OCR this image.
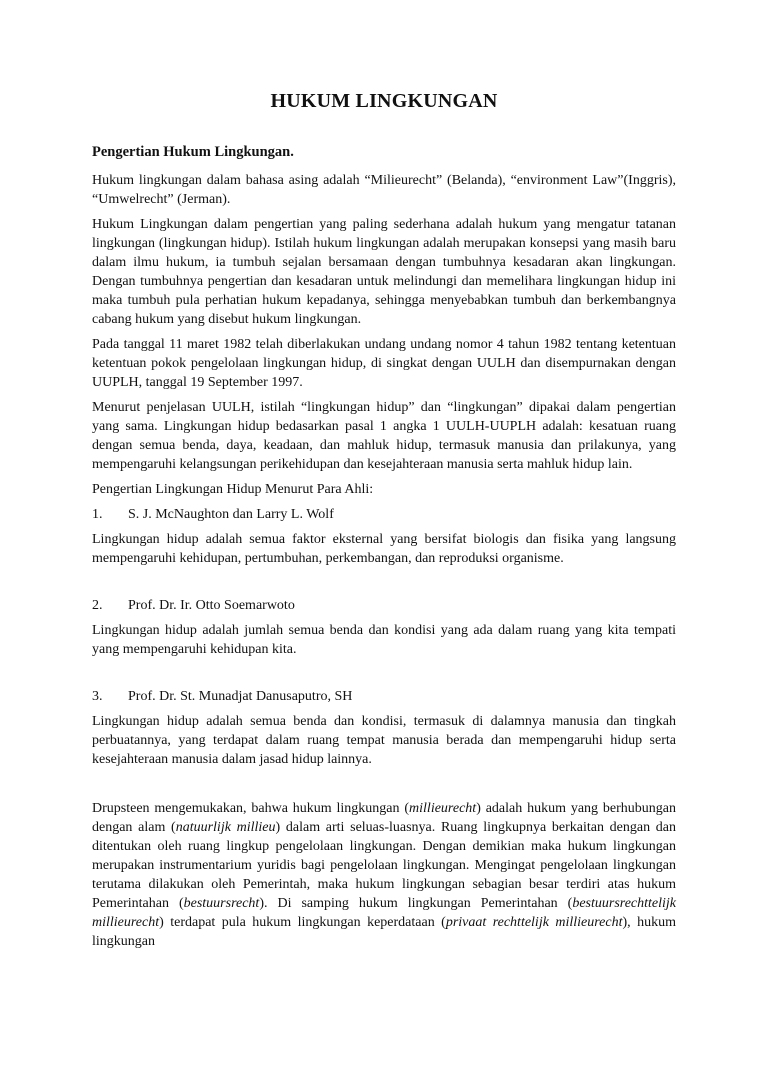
HUKUM LINGKUNGAN
Pengertian Hukum Lingkungan.

Hukum lingkungan dalam bahasa asing adalah “Milieurecht” (Belanda), “environment Law”(Inggris), “Umwelrecht” (Jerman).

Hukum Lingkungan dalam pengertian yang paling sederhana adalah hukum yang mengatur tatanan lingkungan (lingkungan hidup). Istilah hukum lingkungan adalah merupakan konsepsi yang masih baru dalam ilmu hukum, ia tumbuh sejalan bersamaan dengan tumbuhnya kesadaran akan lingkungan. Dengan tumbuhnya pengertian dan kesadaran untuk melindungi dan memelihara lingkungan hidup ini maka tumbuh pula perhatian hukum kepadanya, sehingga menyebabkan tumbuh dan berkembangnya cabang hukum yang disebut hukum lingkungan.

Pada tanggal 11 maret 1982 telah diberlakukan undang undang nomor 4 tahun 1982 tentang ketentuan ketentuan pokok pengelolaan lingkungan hidup, di singkat dengan UULH dan disempurnakan dengan UUPLH, tanggal 19 September 1997.

Menurut penjelasan UULH, istilah “lingkungan hidup” dan “lingkungan” dipakai dalam pengertian yang sama. Lingkungan hidup bedasarkan pasal 1 angka 1 UULH-UUPLH adalah: kesatuan ruang dengan semua benda, daya, keadaan, dan mahluk hidup, termasuk manusia dan prilakunya, yang mempengaruhi kelangsungan perikehidupan dan kesejahteraan manusia serta mahluk hidup lain.

Pengertian Lingkungan Hidup Menurut Para Ahli:

1. S. J. McNaughton dan Larry L. Wolf

Lingkungan hidup adalah semua faktor eksternal yang bersifat biologis dan fisika yang langsung mempengaruhi kehidupan, pertumbuhan, perkembangan, dan reproduksi organisme.

2. Prof. Dr. Ir. Otto Soemarwoto

Lingkungan hidup adalah jumlah semua benda dan kondisi yang ada dalam ruang yang kita tempati yang mempengaruhi kehidupan kita.

3. Prof. Dr. St. Munadjat Danusaputro, SH

Lingkungan hidup adalah semua benda dan kondisi, termasuk di dalamnya manusia dan tingkah perbuatannya, yang terdapat dalam ruang tempat manusia berada dan mempengaruhi hidup serta kesejahteraan manusia dalam jasad hidup lainnya.

Drupsteen mengemukakan, bahwa hukum lingkungan (millieurecht) adalah hukum yang berhubungan dengan alam (natuurlijk millieu) dalam arti seluas-luasnya. Ruang lingkupnya berkaitan dengan dan ditentukan oleh ruang lingkup pengelolaan lingkungan. Dengan demikian maka hukum lingkungan merupakan instrumentarium yuridis bagi pengelolaan lingkungan. Mengingat pengelolaan lingkungan terutama dilakukan oleh Pemerintah, maka hukum lingkungan sebagian besar terdiri atas hukum Pemerintahan (bestuursrecht). Di samping hukum lingkungan Pemerintahan (bestuursrechttelijk millieurecht) terdapat pula hukum lingkungan keperdataan (privaat rechttelijk millieurecht), hukum lingkungan
